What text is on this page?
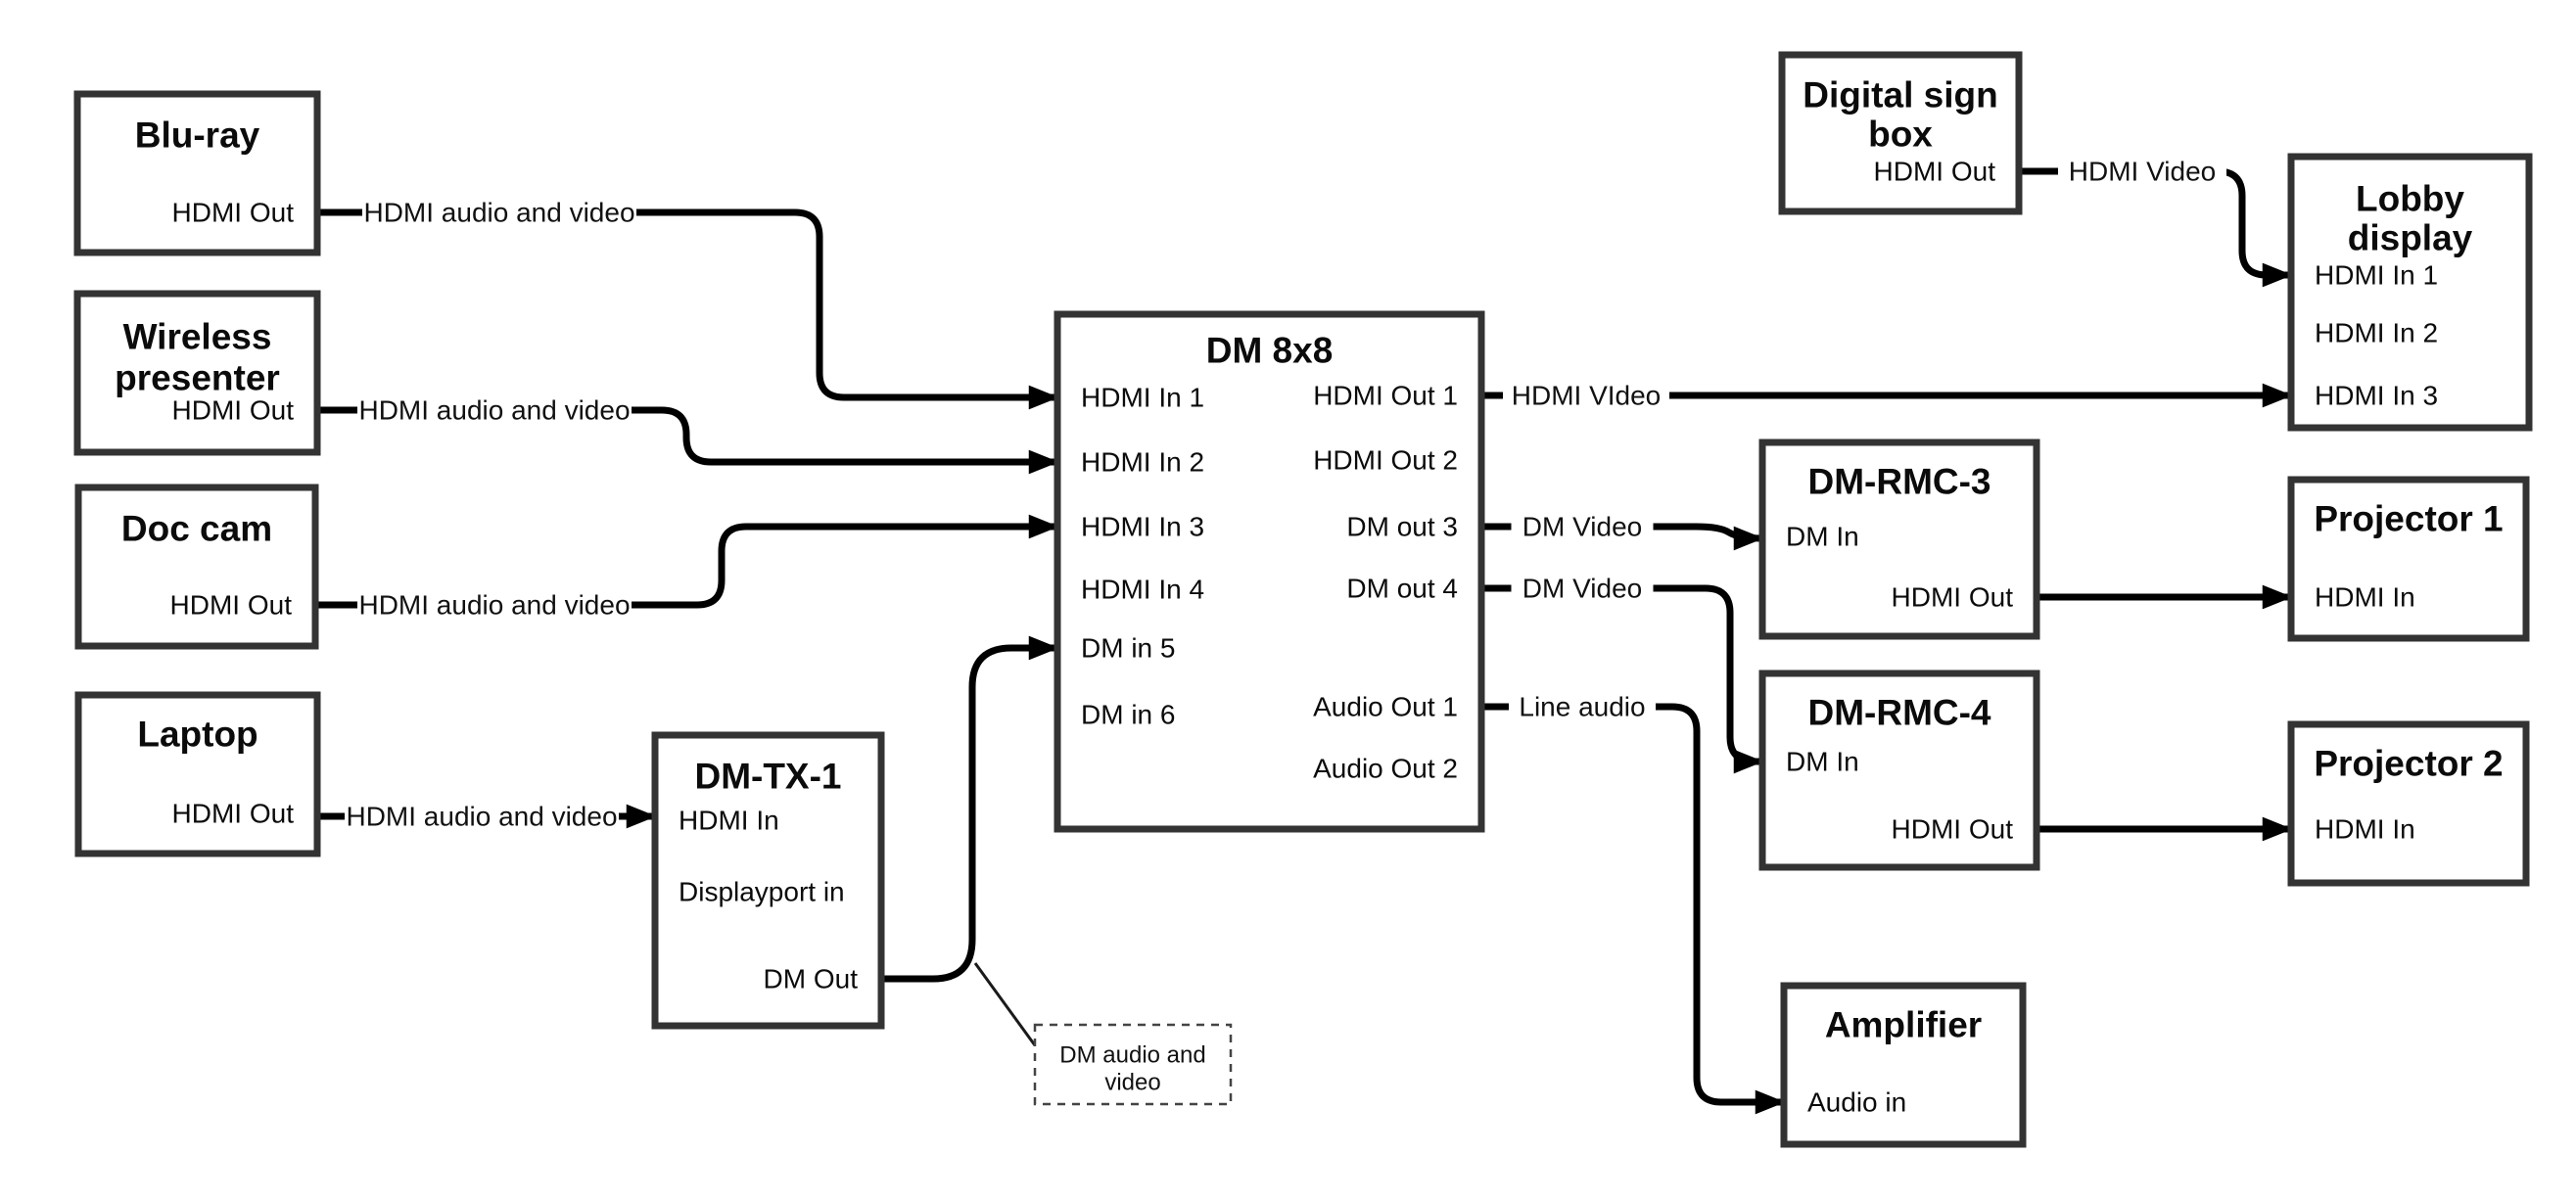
HDMI audio and video
HDMI audio and video
HDMI audio and video
HDMI audio and video
HDMI VIdeo
DM Video
DM Video
Line audio
HDMI Video
Blu-ray
HDMI Out
Wireless
presenter
HDMI Out
Doc cam
HDMI Out
Laptop
HDMI Out
DM-TX-1
HDMI In
Displayport in
DM Out
DM 8x8
HDMI In 1
HDMI In 2
HDMI In 3
HDMI In 4
DM in 5
DM in 6
HDMI Out 1
HDMI Out 2
DM out 3
DM out 4
Audio Out 1
Audio Out 2
Digital sign
box
HDMI Out
Lobby
display
HDMI In 1
HDMI In 2
HDMI In 3
DM-RMC-3
DM In
HDMI Out
DM-RMC-4
DM In
HDMI Out
Projector 1
HDMI In
Projector 2
HDMI In
Amplifier
Audio in
DM audio and
video
